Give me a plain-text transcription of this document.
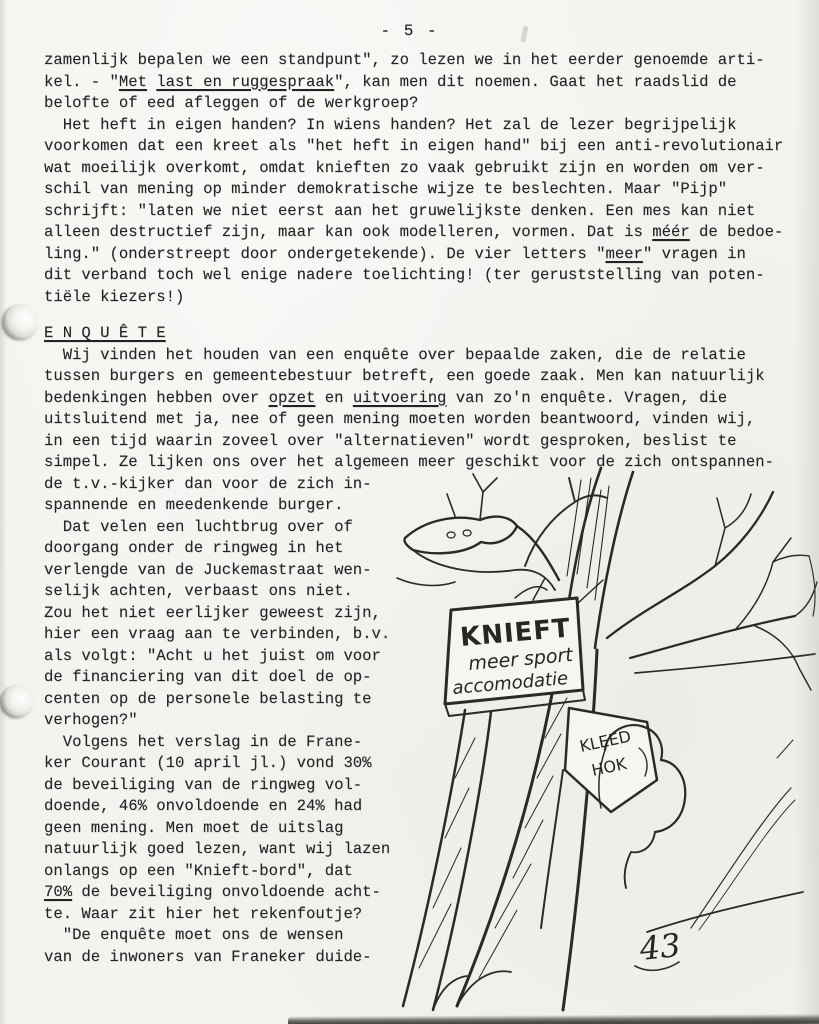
- 5 -
zamenlijk bepalen we een standpunt", zo lezen we in het eerder genoemde arti-
kel. - "Met last en ruggespraak", kan men dit noemen. Gaat het raadslid de
belofte of eed afleggen of de werkgroep?
Het heft in eigen handen? In wiens handen? Het zal de lezer begrijpelijk
voorkomen dat een kreet als "het heft in eigen hand" bij een anti-revolutionair
wat moeilijk overkomt, omdat knieften zo vaak gebruikt zijn en worden om ver-
schil van mening op minder demokratische wijze te beslechten. Maar "Pijp"
schrijft: "laten we niet eerst aan het gruwelijkste denken. Een mes kan niet
alleen destructief zijn, maar kan ook modelleren, vormen. Dat is méér de bedoe-
ling." (onderstreept door ondergetekende). De vier letters "meer" vragen in
dit verband toch wel enige nadere toelichting! (ter geruststelling van poten-
tiële kiezers!)
E N Q U Ê T E
Wij vinden het houden van een enquête over bepaalde zaken, die de relatie
tussen burgers en gemeentebestuur betreft, een goede zaak. Men kan natuurlijk
bedenkingen hebben over opzet en uitvoering van zo'n enquête. Vragen, die
uitsluitend met ja, nee of geen mening moeten worden beantwoord, vinden wij,
in een tijd waarin zoveel over "alternatieven" wordt gesproken, beslist te
simpel. Ze lijken ons over het algemeen meer geschikt voor de zich ontspannen-
de t.v.-kijker dan voor de zich in-
spannende en meedenkende burger.
Dat velen een luchtbrug over of
doorgang onder de ringweg in het
verlengde van de Juckemastraat wen-
selijk achten, verbaast ons niet.
Zou het niet eerlijker geweest zijn,
hier een vraag aan te verbinden, b.v.
als volgt: "Acht u het juist om voor
de financiering van dit doel de op-
centen op de personele belasting te
verhogen?"
Volgens het verslag in de Frane-
ker Courant (10 april jl.) vond 30%
de beveiliging van de ringweg vol-
doende, 46% onvoldoende en 24% had
geen mening. Men moet de uitslag
natuurlijk goed lezen, want wij lazen
onlangs op een "Knieft-bord", dat
70% de beveiliging onvoldoende acht-
te. Waar zit hier het rekenfoutje?
"De enquête moet ons de wensen
van de inwoners van Franeker duide-
KNIEFT
meer sport
accomodatie
KLEED
HOK
43
